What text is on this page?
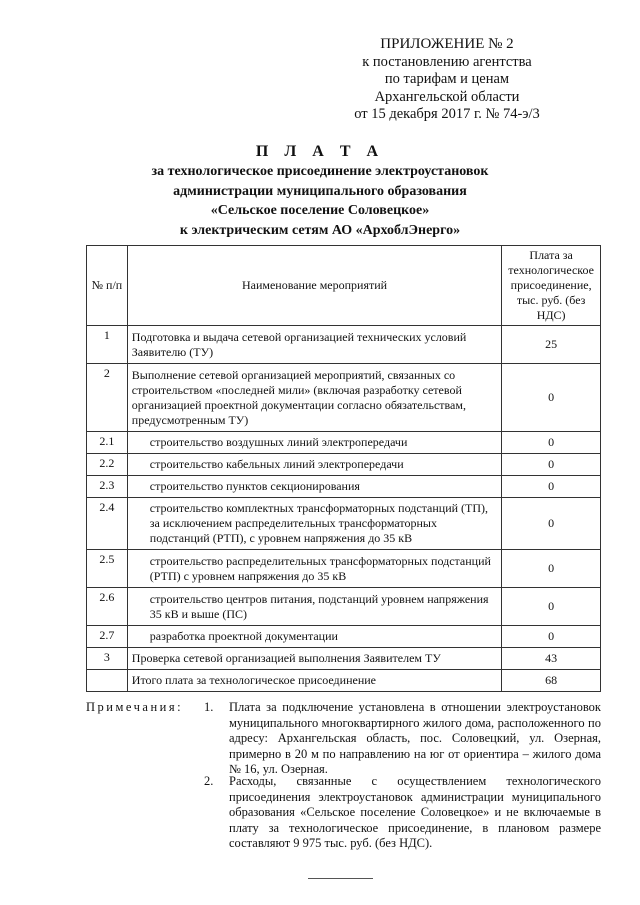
ПРИЛОЖЕНИЕ № 2
к постановлению агентства
по тарифам и ценам
Архангельской области
от 15 декабря 2017 г. № 74-э/3
П Л А Т А
за технологическое присоединение электроустановок
администрации муниципального образования
«Сельское поселение Соловецкое»
к электрическим сетям АО «АрхоблЭнерго»
№ п/п	Наименование мероприятий	Плата за технологическое присоединение, тыс. руб. (без НДС)
1	Подготовка и выдача сетевой организацией технических условий Заявителю (ТУ)	25
2	Выполнение сетевой организацией мероприятий, связанных со строительством «последней мили» (включая разработку сетевой организацией проектной документации согласно обязательствам, предусмотренным ТУ)	0
2.1	строительство воздушных линий электропередачи	0
2.2	строительство кабельных линий электропередачи	0
2.3	строительство пунктов секционирования	0
2.4	строительство комплектных трансформаторных подстанций (ТП), за исключением распределительных трансформаторных подстанций (РТП), с уровнем напряжения до 35 кВ	0
2.5	строительство распределительных трансформаторных подстанций (РТП) с уровнем напряжения до 35 кВ	0
2.6	строительство центров питания, подстанций уровнем напряжения 35 кВ и выше (ПС)	0
2.7	разработка проектной документации	0
3	Проверка сетевой организацией выполнения Заявителем ТУ	43
	Итого плата за технологическое присоединение	68
Примечания: 1. Плата за подключение установлена в отношении электроустановок муниципального многоквартирного жилого дома, расположенного по адресу: Архангельская область, пос. Соловецкий, ул. Озерная, примерно в 20 м по направлению на юг от ориентира – жилого дома № 16, ул. Озерная.
2. Расходы, связанные с осуществлением технологического присоединения электроустановок администрации муниципального образования «Сельское поселение Соловецкое» и не включаемые в плату за технологическое присоединение, в плановом размере составляют 9 975 тыс. руб. (без НДС).
